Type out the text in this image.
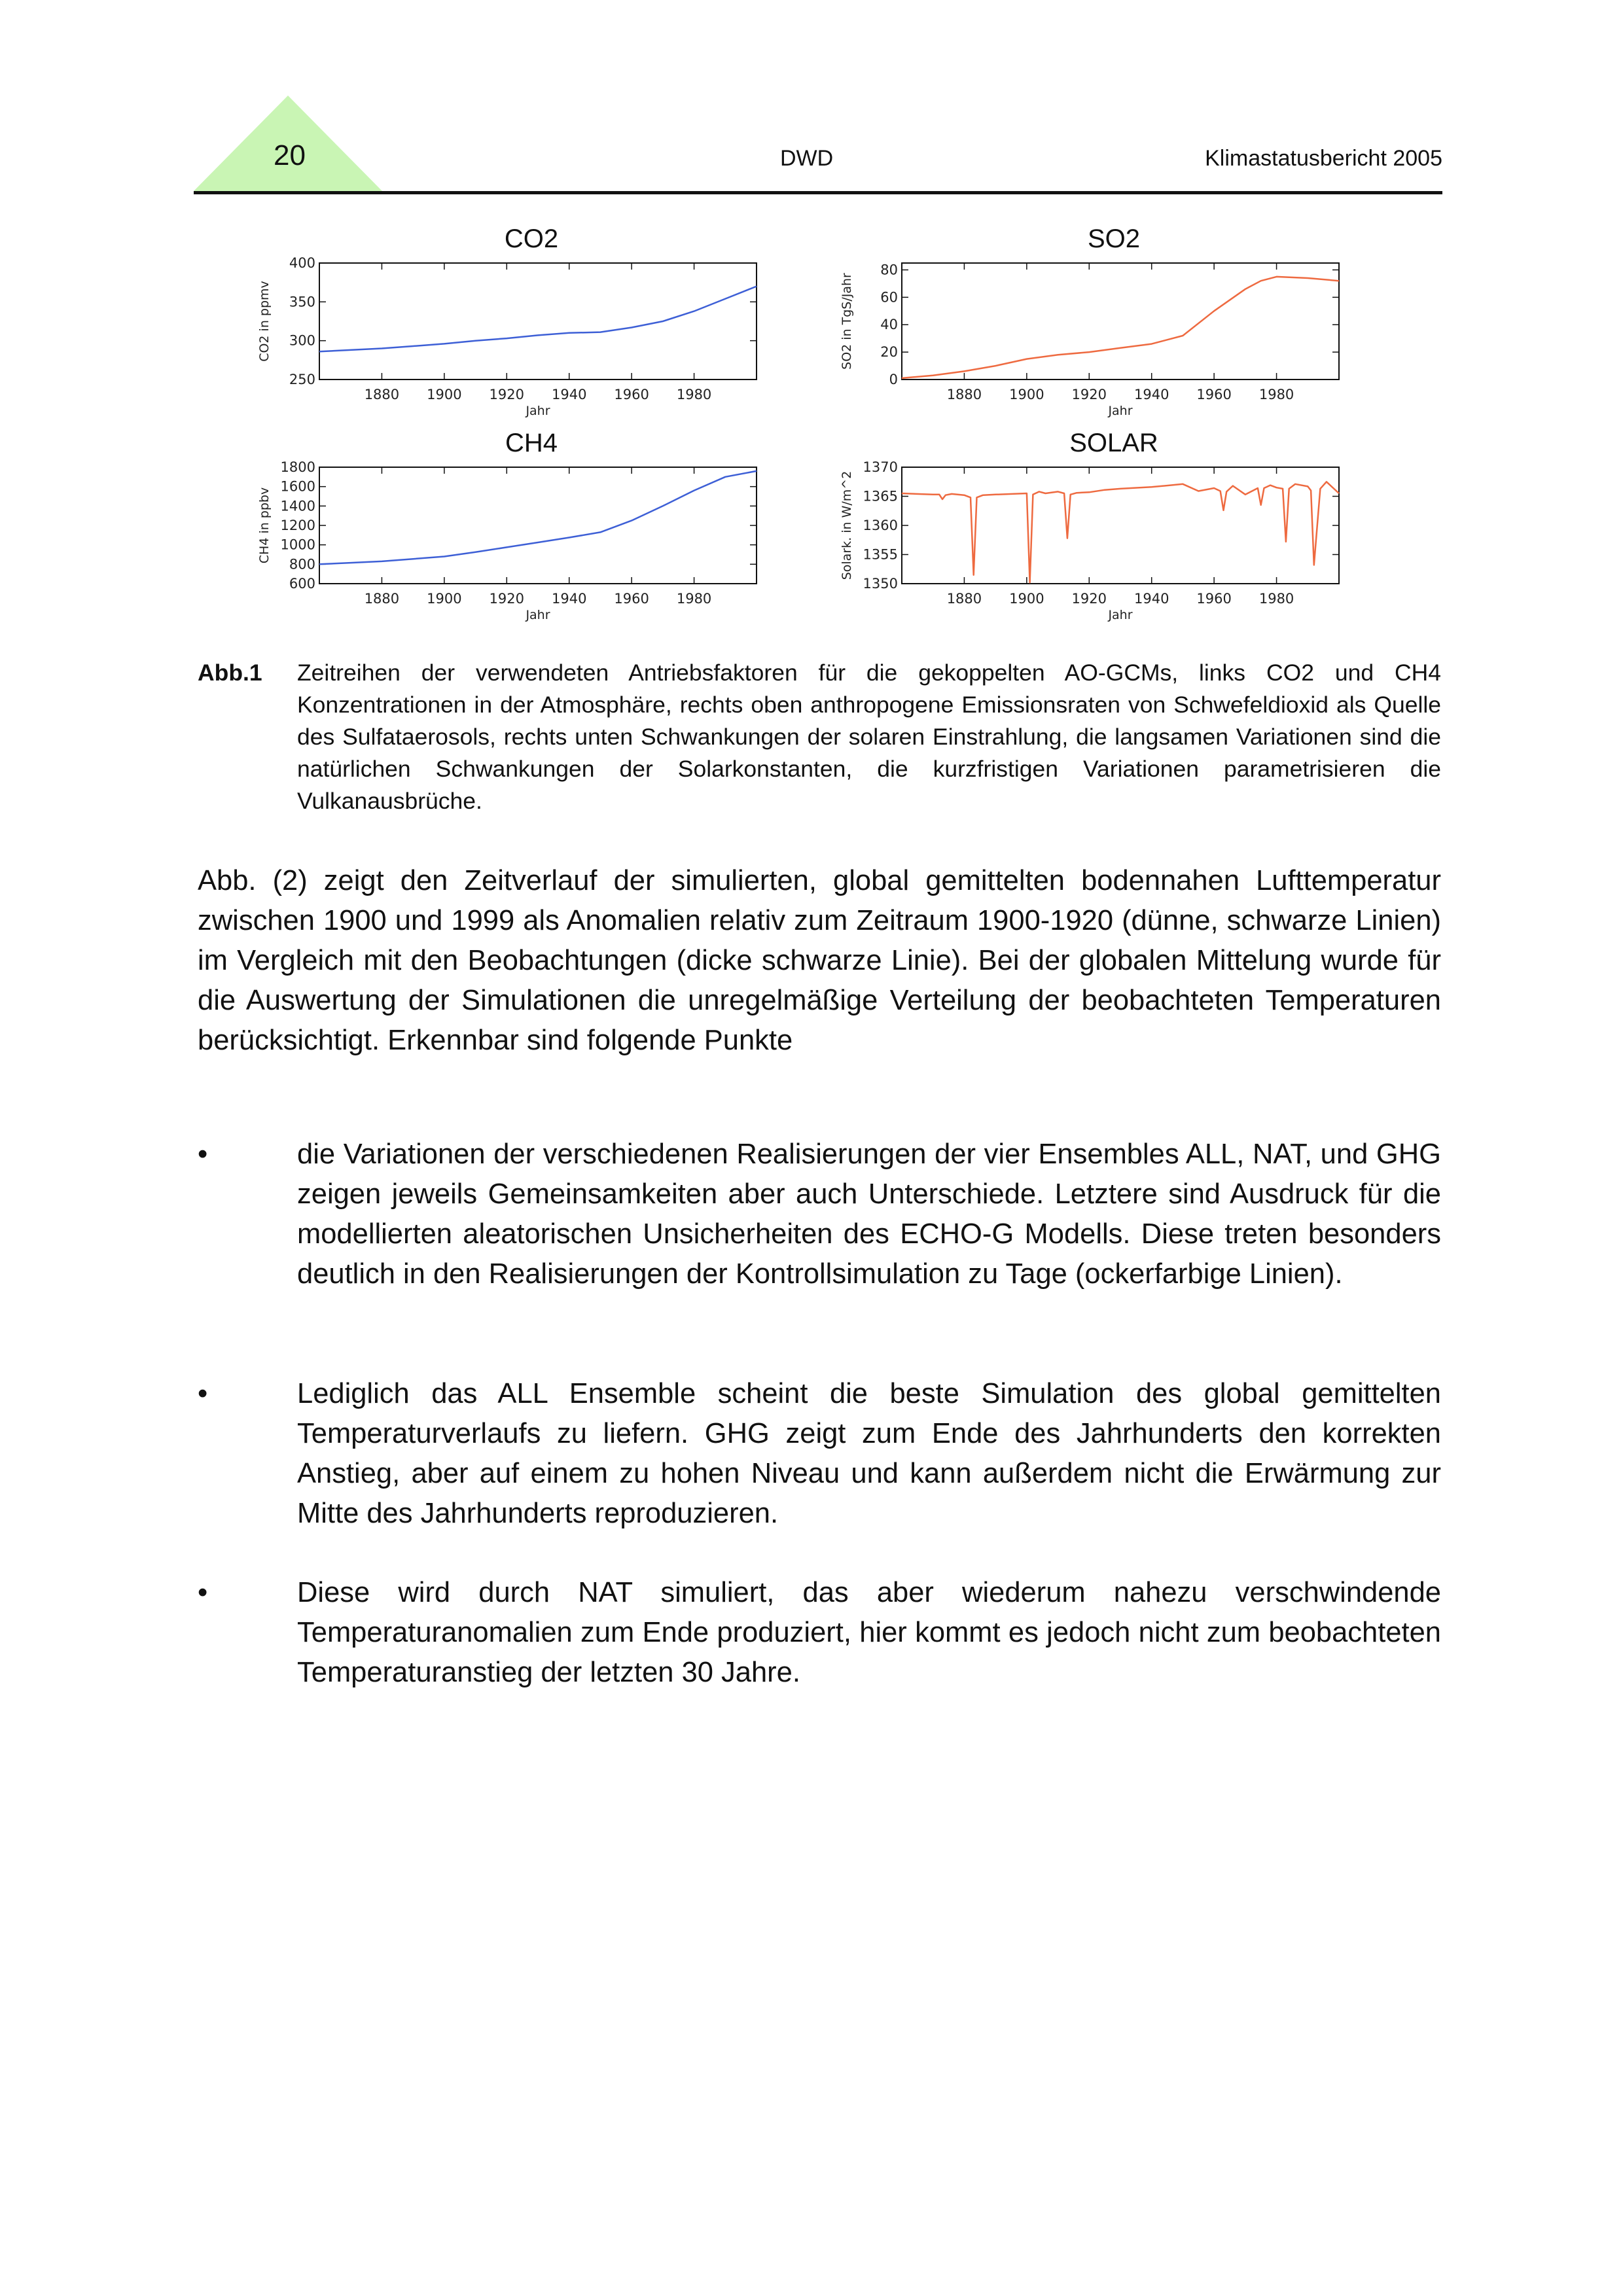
20	DWD	Klimastatusbericht 2005
CO2
250
300
350
400
1880 1900 1920 1940 1960 1980
Jahr
CO2 in ppmv
SO2
0
20
40
60
80
1880 1900 1920 1940 1960 1980
Jahr
SO2 in TgS/Jahr
CH4
600
800
1000
1200
1400
1600
1800
1880 1900 1920 1940 1960 1980
Jahr
CH4 in ppbv
SOLAR
1350
1355
1360
1365
1370
1880 1900 1920 1940 1960 1980
Jahr
Solark. in W/m^2
Abb.1 Zeitreihen der verwendeten Antriebsfaktoren für die gekoppelten AO-GCMs, links CO2 und CH4 Konzentrationen in der Atmosphäre, rechts oben anthropogene Emissionsraten von Schwefeldioxid als Quelle des Sulfataerosols, rechts unten Schwankungen der solaren Einstrahlung, die langsamen Variationen sind die natürlichen Schwankungen der Solarkonstanten, die kurzfristigen Variationen parametrisieren die Vulkanausbrüche.
Abb. (2) zeigt den Zeitverlauf der simulierten, global gemittelten bodennahen Lufttemperatur zwischen 1900 und 1999 als Anomalien relativ zum Zeitraum 1900-1920 (dünne, schwarze Linien) im Vergleich mit den Beobachtungen (dicke schwarze Linie). Bei der globalen Mittelung wurde für die Auswertung der Simulationen die unregelmäßige Verteilung der beobachteten Temperaturen berücksichtigt. Erkennbar sind folgende Punkte
•	die Variationen der verschiedenen Realisierungen der vier Ensembles ALL, NAT, und GHG zeigen jeweils Gemeinsamkeiten aber auch Unterschiede. Letztere sind Ausdruck für die modellierten aleatorischen Unsicherheiten des ECHO-G Modells. Diese treten besonders deutlich in den Realisierungen der Kontrollsimulation zu Tage (ockerfarbige Linien).
•	Lediglich das ALL Ensemble scheint die beste Simulation des global gemittelten Temperaturverlaufs zu liefern. GHG zeigt zum Ende des Jahrhunderts den korrekten Anstieg, aber auf einem zu hohen Niveau und kann außerdem nicht die Erwärmung zur Mitte des Jahrhunderts reproduzieren.
•	Diese wird durch NAT simuliert, das aber wiederum nahezu verschwindende Temperaturanomalien zum Ende produziert, hier kommt es jedoch nicht zum beobachteten Temperaturanstieg der letzten 30 Jahre.
